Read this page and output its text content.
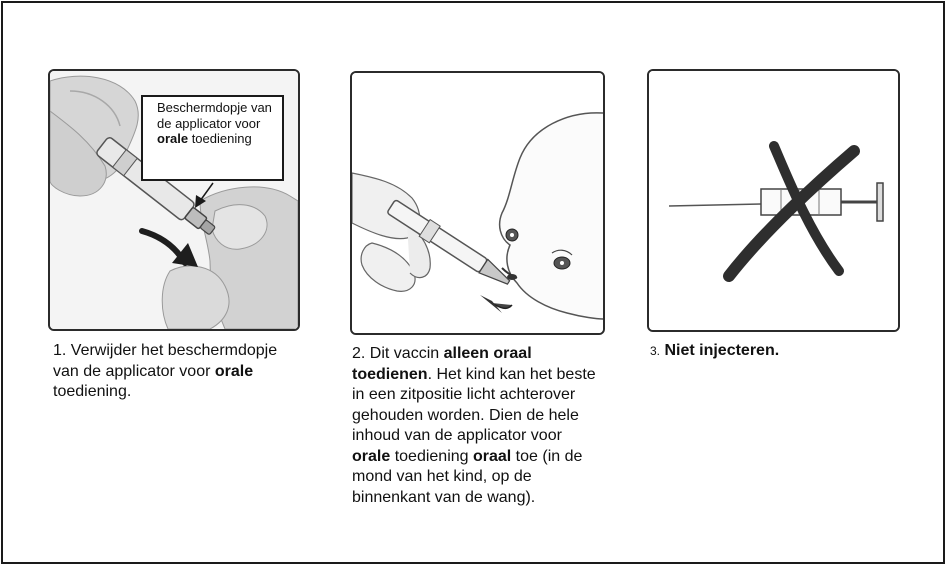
Beschermdopje van de applicator voor orale toediening
1. Verwijder het beschermdopje van de applicator voor orale toediening.
2. Dit vaccin alleen oraal toedienen. Het kind kan het beste in een zitpositie licht achterover gehouden worden. Dien de hele inhoud van de applicator voor orale toediening oraal toe (in de mond van het kind, op de binnenkant van de wang).
3. Niet injecteren.
